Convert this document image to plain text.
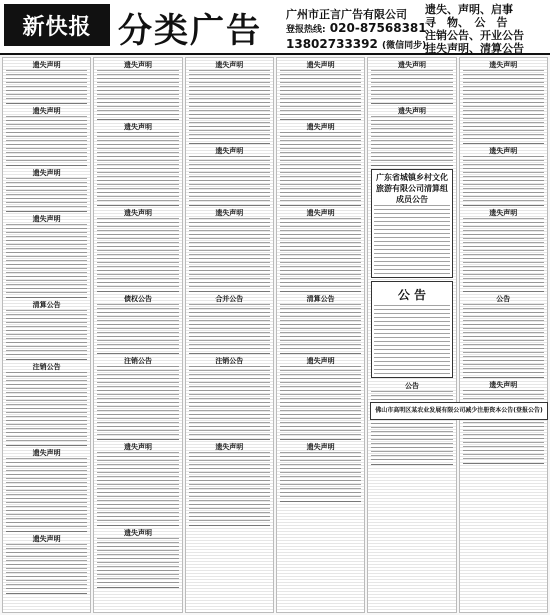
新快报 分类广告 广州市正言广告有限公司
登报热线: 020-87568381
13802733392 (微信同步)
遗失、声明、启事
寻　物、　公　告
注销公告、开业公告
挂失声明、清算公告
遗失声明
遗失声明
遗失声明
遗失声明
清算公告
注销公告
遗失声明
遗失声明
遗失声明
遗失声明
遗失声明
债权公告
注销公告
遗失声明
遗失声明
遗失声明
遗失声明
遗失声明
合并公告
注销公告
遗失声明
遗失声明
遗失声明
遗失声明
清算公告
遗失声明
遗失声明
遗失声明
遗失声明
广东省城镇乡村文化旅游有限公司清算组成员公告
公 告
公告
遗失声明
遗失声明
遗失声明
公告
遗失声明
佛山市高明区某农业发展有限公司减少注册资本公告(登报公告)
